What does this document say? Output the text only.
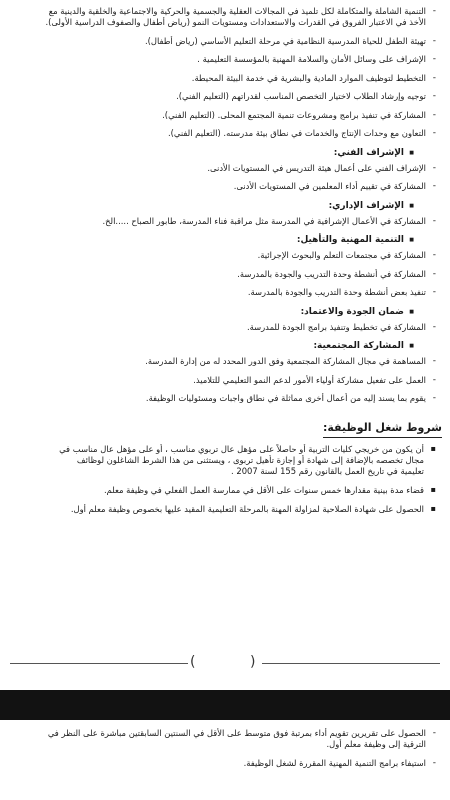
- التنمية الشاملة والمتكاملة لكل تلميذ في المجالات العقلية والجسمية والحركية والاجتماعية والخلقية والدينية مع
الأخذ في الاعتبار الفروق في القدرات والاستعدادات ومستويات النمو (رياض أطفال والصفوف الدراسية الأولى).
- تهيئة الطفل للحياة المدرسية النظامية في مرحلة التعليم الأساسي (رياض أطفال).
- الإشراف على وسائل الأمان والسلامة المهنية بالمؤسسة التعليمية .
- التخطيط لتوظيف الموارد المادية والبشرية في خدمة البيئة المحيطة.
- توجيه وإرشاد الطلاب لاختيار التخصص المناسب لقدراتهم (التعليم الفني).
- المشاركة في تنفيذ برامج ومشروعات تنمية المجتمع المحلى. (التعليم الفني).
- التعاون مع وحدات الإنتاج والخدمات في نطاق بيئة مدرسته. (التعليم الفني).
■ الإشراف الفني:
- الإشراف الفني على أعمال هيئة التدريس في المستويات الأدنى.
- المشاركة في تقييم أداء المعلمين في المستويات الأدنى.
■ الإشراف الإداري:
- المشاركة في الأعمال الإشرافية في المدرسة مثل مراقبة فناء المدرسة، طابور الصباح .....الخ.
■ التنمية المهنية والتأهيل:
- المشاركة في مجتمعات التعلم والبحوث الإجرائية.
- المشاركة في أنشطة وحدة التدريب والجودة بالمدرسة.
- تنفيذ بعض أنشطة وحدة التدريب والجودة بالمدرسة.
■ ضمان الجودة والاعتماد:
- المشاركة في تخطيط وتنفيذ برامج الجودة للمدرسة.
■ المشاركة المجتمعية:
- المساهمة في مجال المشاركة المجتمعية وفق الدور المحدد له من إدارة المدرسة.
- العمل على تفعيل مشاركة أولياء الأمور لدعم النمو التعليمي للتلاميذ.
- يقوم بما يسند إليه من أعمال أخرى مماثلة في نطاق واجبات ومسئوليات الوظيفة.
شروط شغل الوظيفة:
▪ أن يكون من خريجي كليات التربية أو حاصلاً على مؤهل عال تربوي مناسب ، أو على مؤهل عال مناسب في
مجال تخصصه بالإضافة إلى شهادة أو إجازة تأهيل تربوى ، ويستثنى من هذا الشرط الشاغلون لوظائف
تعليمية في تاريخ العمل بالقانون رقم 155 لسنة 2007 .
▪ قضاء مدة بينية مقدارها خمس سنوات على الأقل في ممارسة العمل الفعلي في وظيفة معلم.
▪ الحصول على شهادة الصلاحية لمزاولة المهنة بالمرحلة التعليمية المقيد عليها بخصوص وظيفة معلم أول.
(	)
- الحصول على تقريرين تقويم أداء بمرتبة فوق متوسط على الأقل في السنتين السابقتين مباشرة على النظر في
الترقية إلى وظيفة معلم أول.
- استيفاء برامج التنمية المهنية المقررة لشغل الوظيفة.
